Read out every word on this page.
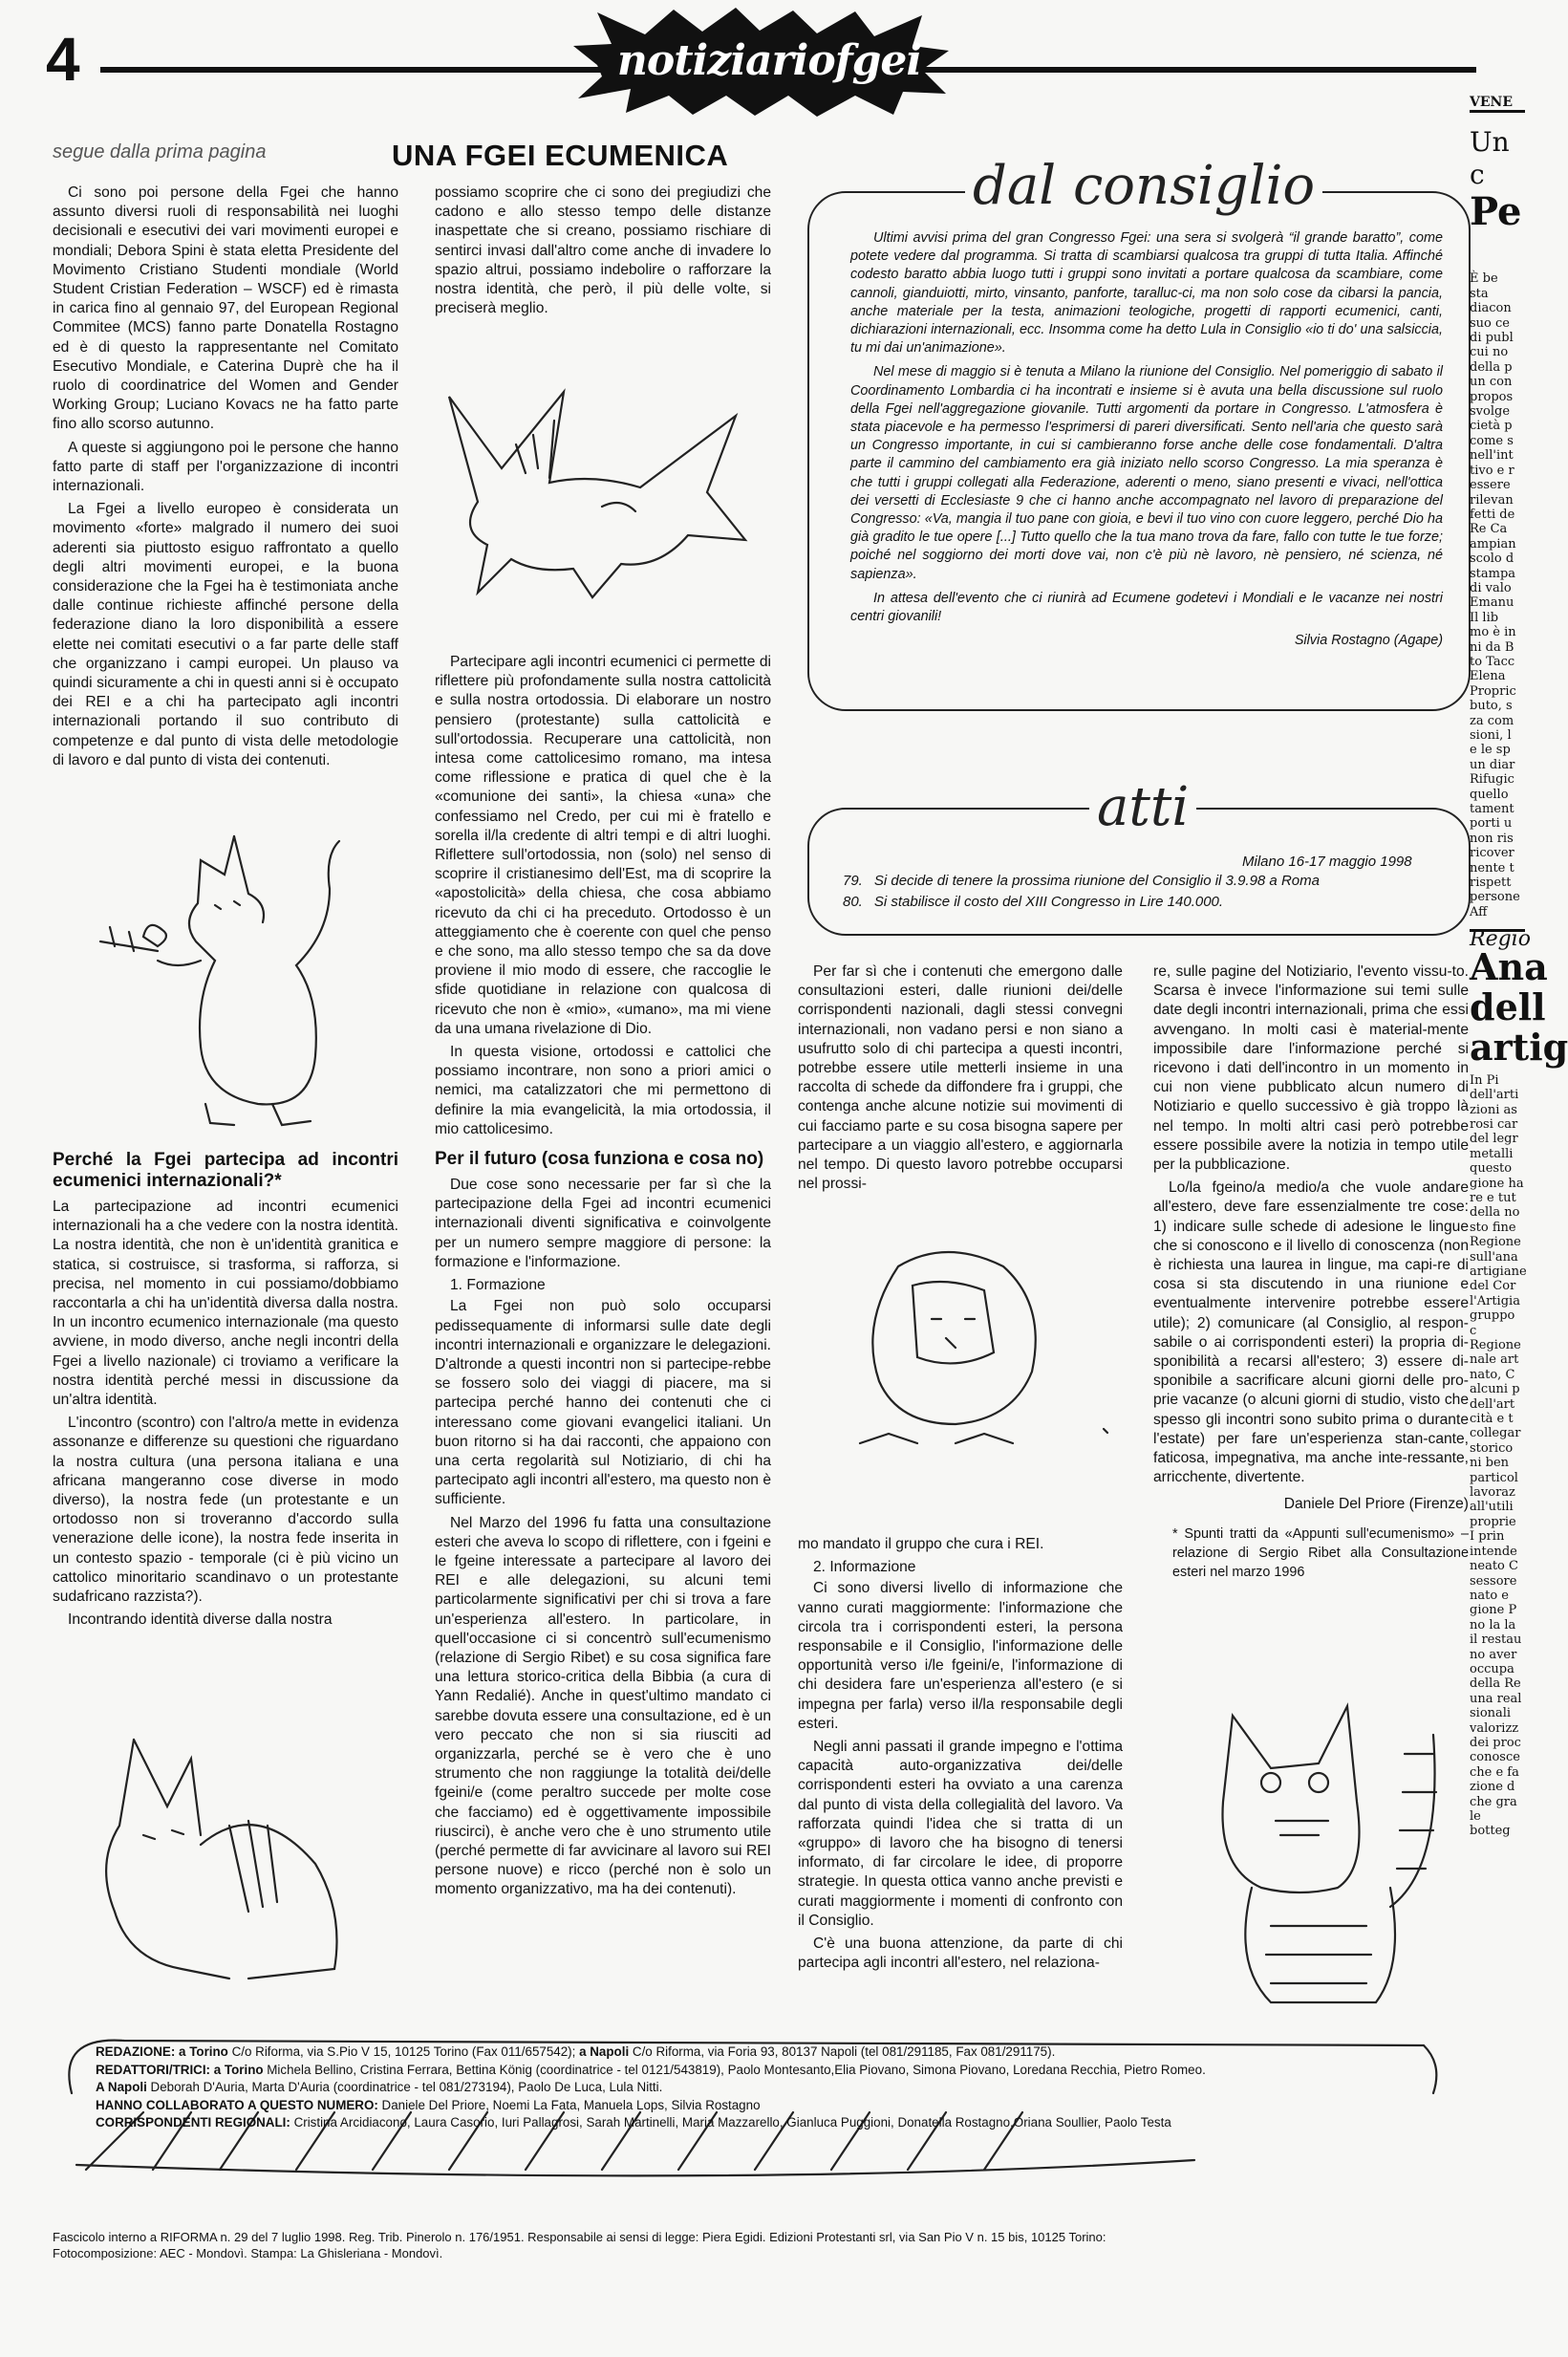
4	notiziariofgei
segue dalla prima pagina	UNA FGEI ECUMENICA

Ci sono poi persone della Fgei che hanno assunto diversi ruoli di responsabilità nei luoghi decisionali e esecutivi dei vari movimenti europei e mondiali; Debora Spini è stata eletta Presidente del Movimento Cristiano Studenti mondiale (World Student Cristian Federation – WSCF) ed è rimasta in carica fino al gennaio 97, del European Regional Commitee (MCS) fanno parte Donatella Rostagno ed è di questo la rappresentante nel Comitato Esecutivo Mondiale, e Caterina Duprè che ha il ruolo di coordinatrice del Women and Gender Working Group; Luciano Kovacs ne ha fatto parte fino allo scorso autunno.

A queste si aggiungono poi le persone che hanno fatto parte di staff per l'organizzazione di incontri internazionali.

La Fgei a livello europeo è considerata un movimento «forte» malgrado il numero dei suoi aderenti sia piuttosto esiguo raffrontato a quello degli altri movimenti europei, e la buona considerazione che la Fgei ha è testimoniata anche dalle continue richieste affinché persone della federazione diano la loro disponibilità a essere elette nei comitati esecutivi o a far parte delle staff che organizzano i campi europei. Un plauso va quindi sicuramente a chi in questi anni si è occupato dei REI e a chi ha partecipato agli incontri internazionali portando il suo contributo di competenze e dal punto di vista delle metodologie di lavoro e dal punto di vista dei contenuti.

Perché la Fgei partecipa ad incontri ecumenici internazionali?*

La partecipazione ad incontri ecumenici internazionali ha a che vedere con la nostra identità. La nostra identità, che non è un'identità granitica e statica, si costruisce, si trasforma, si rafforza, si precisa, nel momento in cui possiamo/dobbiamo raccontarla a chi ha un'identità diversa dalla nostra. In un incontro ecumenico internazionale (ma questo avviene, in modo diverso, anche negli incontri della Fgei a livello nazionale) ci troviamo a verificare la nostra identità perché messi in discussione da un'altra identità.

L'incontro (scontro) con l'altro/a mette in evidenza assonanze e differenze su questioni che riguardano la nostra cultura (una persona italiana e una africana mangeranno cose diverse in modo diverso), la nostra fede (un protestante e un ortodosso non si troveranno d'accordo sulla venerazione delle icone), la nostra fede inserita in un contesto spazio - temporale (ci è più vicino un cattolico minoritario scandinavo o un protestante sudafricano razzista?).

Incontrando identità diverse dalla nostra

possiamo scoprire che ci sono dei pregiudizi che cadono e allo stesso tempo delle distanze inaspettate che si creano, possiamo rischiare di sentirci invasi dall'altro come anche di invadere lo spazio altrui, possiamo indebolire o rafforzare la nostra identità, che però, il più delle volte, si preciserà meglio.

Partecipare agli incontri ecumenici ci permette di riflettere più profondamente sulla nostra cattolicità e sulla nostra ortodossia. Di elaborare un nostro pensiero (protestante) sulla cattolicità e sull'ortodossia. Recuperare una cattolicità, non intesa come cattolicesimo romano, ma intesa come riflessione e pratica di quel che è la «comunione dei santi», la chiesa «una» che confessiamo nel Credo, per cui mi è fratello e sorella il/la credente di altri tempi e di altri luoghi. Riflettere sull'ortodossia, non (solo) nel senso di scoprire il cristianesimo dell'Est, ma di scoprire la «apostolicità» della chiesa, che cosa abbiamo ricevuto da chi ci ha preceduto. Ortodosso è un atteggiamento che è coerente con quel che penso e che sono, ma allo stesso tempo che sa da dove proviene il mio modo di essere, che raccoglie le sfide quotidiane in relazione con qualcosa di ricevuto che non è «mio», «umano», ma mi viene da una umana rivelazione di Dio.

In questa visione, ortodossi e cattolici che possiamo incontrare, non sono a priori amici o nemici, ma catalizzatori che mi permettono di definire la mia evangelicità, la mia ortodossia, il mio cattolicesimo.

Per il futuro (cosa funziona e cosa no)

Due cose sono necessarie per far sì che la partecipazione della Fgei ad incontri ecumenici internazionali diventi significativa e coinvolgente per un numero sempre maggiore di persone: la formazione e l'informazione.

1. Formazione

La Fgei non può solo occuparsi pedissequamente di informarsi sulle date degli incontri internazionali e organizzare le delegazioni. D'altronde a questi incontri non si partecipe-rebbe se fossero solo dei viaggi di piacere, ma si partecipa perché hanno dei contenuti che ci interessano come giovani evangelici italiani. Un buon ritorno si ha dai racconti, che appaiono con una certa regolarità sul Notiziario, di chi ha partecipato agli incontri all'estero, ma questo non è sufficiente.

Nel Marzo del 1996 fu fatta una consultazione esteri che aveva lo scopo di riflettere, con i fgeini e le fgeine interessate a partecipare al lavoro dei REI e alle delegazioni, su alcuni temi particolarmente significativi per chi si trova a fare un'esperienza all'estero. In particolare, in quell'occasione ci si concentrò sull'ecumenismo (relazione di Sergio Ribet) e su cosa significa fare una lettura storico-critica della Bibbia (a cura di Yann Redalié). Anche in quest'ultimo mandato ci sarebbe dovuta essere una consultazione, ed è un vero peccato che non si sia riusciti ad organizzarla, perché se è vero che è uno strumento che non raggiunge la totalità dei/delle fgeini/e (come peraltro succede per molte cose che facciamo) ed è oggettivamente impossibile riuscirci), è anche vero che è uno strumento utile (perché permette di far avvicinare al lavoro sui REI persone nuove) e ricco (perché non è solo un momento organizzativo, ma ha dei contenuti).

dal consiglio

Ultimi avvisi prima del gran Congresso Fgei: una sera si svolgerà “il grande baratto”, come potete vedere dal programma. Si tratta di scambiarsi qualcosa tra gruppi di tutta Italia. Affinché codesto baratto abbia luogo tutti i gruppi sono invitati a portare qualcosa da scambiare, come cannoli, gianduiotti, mirto, vinsanto, panforte, taralluc-ci, ma non solo cose da cibarsi la pancia, anche materiale per la testa, animazioni teologiche, progetti di rapporti ecumenici, canti, dichiarazioni internazionali, ecc. Insomma come ha detto Lula in Consiglio «io ti do' una salsiccia, tu mi dai un'animazione».

Nel mese di maggio si è tenuta a Milano la riunione del Consiglio. Nel pomeriggio di sabato il Coordinamento Lombardia ci ha incontrati e insieme si è avuta una bella discussione sul ruolo della Fgei nell'aggregazione giovanile. Tutti argomenti da portare in Congresso. L'atmosfera è stata piacevole e ha permesso l'esprimersi di pareri diversificati. Sento nell'aria che questo sarà un Congresso importante, in cui si cambieranno forse anche delle cose fondamentali. D'altra parte il cammino del cambiamento era già iniziato nello scorso Congresso. La mia speranza è che tutti i gruppi collegati alla Federazione, aderenti o meno, siano presenti e vivaci, nell'ottica dei versetti di Ecclesiaste 9 che ci hanno anche accompagnato nel lavoro di preparazione del Congresso: «Va, mangia il tuo pane con gioia, e bevi il tuo vino con cuore leggero, perché Dio ha già gradito le tue opere [...] Tutto quello che la tua mano trova da fare, fallo con tutte le tue forze; poiché nel soggiorno dei morti dove vai, non c'è più nè lavoro, nè pensiero, né scienza, né sapienza».

In attesa dell'evento che ci riunirà ad Ecumene godetevi i Mondiali e le vacanze nei nostri centri giovanili!

Silvia Rostagno (Agape)
atti
Milano 16-17 maggio 1998
79.	Si decide di tenere la prossima riunione del Consiglio il 3.9.98 a Roma
80.	Si stabilisce il costo del XIII Congresso in Lire 140.000.

Per far sì che i contenuti che emergono dalle consultazioni esteri, dalle riunioni dei/delle corrispondenti nazionali, dagli stessi convegni internazionali, non vadano persi e non siano a usufrutto solo di chi partecipa a questi incontri, potrebbe essere utile metterli insieme in una raccolta di schede da diffondere fra i gruppi, che contenga anche alcune notizie sui movimenti di cui facciamo parte e su cosa bisogna sapere per partecipare a un viaggio all'estero, e aggiornarla nel tempo. Di questo lavoro potrebbe occuparsi nel prossi-

mo mandato il gruppo che cura i REI.

2. Informazione

Ci sono diversi livello di informazione che vanno curati maggiormente: l'informazione che circola tra i corrispondenti esteri, la persona responsabile e il Consiglio, l'informazione delle opportunità verso i/le fgeini/e, l'informazione di chi desidera fare un'esperienza all'estero (e si impegna per farla) verso il/la responsabile degli esteri.

Negli anni passati il grande impegno e l'ottima capacità auto-organizzativa dei/delle corrispondenti esteri ha ovviato a una carenza dal punto di vista della collegialità del lavoro. Va rafforzata quindi l'idea che si tratta di un «gruppo» di lavoro che ha bisogno di tenersi informato, di far circolare le idee, di proporre strategie. In questa ottica vanno anche previsti e curati maggiormente i momenti di confronto con il Consiglio.

C'è una buona attenzione, da parte di chi partecipa agli incontri all'estero, nel relaziona-

re, sulle pagine del Notiziario, l'evento vissu-to. Scarsa è invece l'informazione sui temi sulle date degli incontri internazionali, prima che essi avvengano. In molti casi è material-mente impossibile dare l'informazione perché si ricevono i dati dell'incontro in un momento in cui non viene pubblicato alcun numero di Notiziario e quello successivo è già troppo là nel tempo. In molti altri casi però potrebbe essere possibile avere la notizia in tempo utile per la pubblicazione.

Lo/la fgeino/a medio/a che vuole andare all'estero, deve fare essenzialmente tre cose: 1) indicare sulle schede di adesione le lingue che si conoscono e il livello di conoscenza (non è richiesta una laurea in lingue, ma capi-re di cosa si sta discutendo in una riunione e eventualmente intervenire potrebbe essere utile); 2) comunicare (al Consiglio, al respon-sabile o ai corrispondenti esteri) la propria di-sponibilità a recarsi all'estero; 3) essere di-sponibile a sacrificare alcuni giorni delle pro-prie vacanze (o alcuni giorni di studio, visto che spesso gli incontri sono subito prima o durante l'estate) per fare un'esperienza stan-cante, faticosa, impegnativa, ma anche inte-ressante, arricchente, divertente.

Daniele Del Priore (Firenze)

* Spunti tratti da «Appunti sull'ecumenismo» – relazione di Sergio Ribet alla Consultazione esteri nel marzo 1996

REDAZIONE: a Torino C/o Riforma, via S.Pio V 15, 10125 Torino (Fax 011/657542); a Napoli C/o Riforma, via Foria 93, 80137 Napoli (tel 081/291185, Fax 081/291175).
REDATTORI/TRICI: a Torino Michela Bellino, Cristina Ferrara, Bettina König (coordinatrice - tel 0121/543819), Paolo Montesanto,Elia Piovano, Simona Piovano, Loredana Recchia, Pietro Romeo.
A Napoli Deborah D'Auria, Marta D'Auria (coordinatrice - tel 081/273194), Paolo De Luca, Lula Nitti.
HANNO COLLABORATO A QUESTO NUMERO: Daniele Del Priore, Noemi La Fata, Manuela Lops, Silvia Rostagno
CORRISPONDENTI REGIONALI: Cristina Arcidiacono, Laura Casorio, Iuri Pallagrosi, Sarah Martinelli, Maria Mazzarello, Gianluca Puggioni, Donatella Rostagno,Oriana Soullier, Paolo Testa
Fascicolo interno a RIFORMA n. 29 del 7 luglio 1998. Reg. Trib. Pinerolo n. 176/1951. Responsabile ai sensi di legge: Piera Egidi. Edizioni Protestanti srl, via San Pio V n. 15 bis, 10125 Torino:
Fotocomposizione: AEC - Mondovì. Stampa: La Ghisleriana - Mondovì.
VENE
Un c
Pe
È be
sta
diacon
suo ce
di publ
cui no
della p
un con
propos
svolge
cietà p
come s
nell'int
tivo e r
essere
rilevan
fetti de
Re Ca
ampian
scolo d
stampa
di valo
Emanu
Il lib
mo è in
ni da B
to Tacc
Elena
Propric
buto, s
za com
sioni, l
e le sp
un diar
Rifugic
quello
tament
porti u
non ris
ricover
nente t
rispett
persone
Aff
Regio
Ana
dell
artig
In Pi
dell'arti
zioni as
rosi car
del legr
metalli
questo
gione ha
re e tut
della no
sto fine
Regione
sull'ana
artigiane
del Cor
l'Artigia
gruppo c
Regione
nale art
nato, C
alcuni p
dell'art
cità e t
collegar
storico
ni ben
particol
lavoraz
all'utili
proprie
I prin
intende
neato C
sessore
nato e
gione P
no la la
il restau
no aver
occupa
della Re
una real
sionali
valorizz
dei proc
conosce
che e fa
zione d
che gra
le botteg
